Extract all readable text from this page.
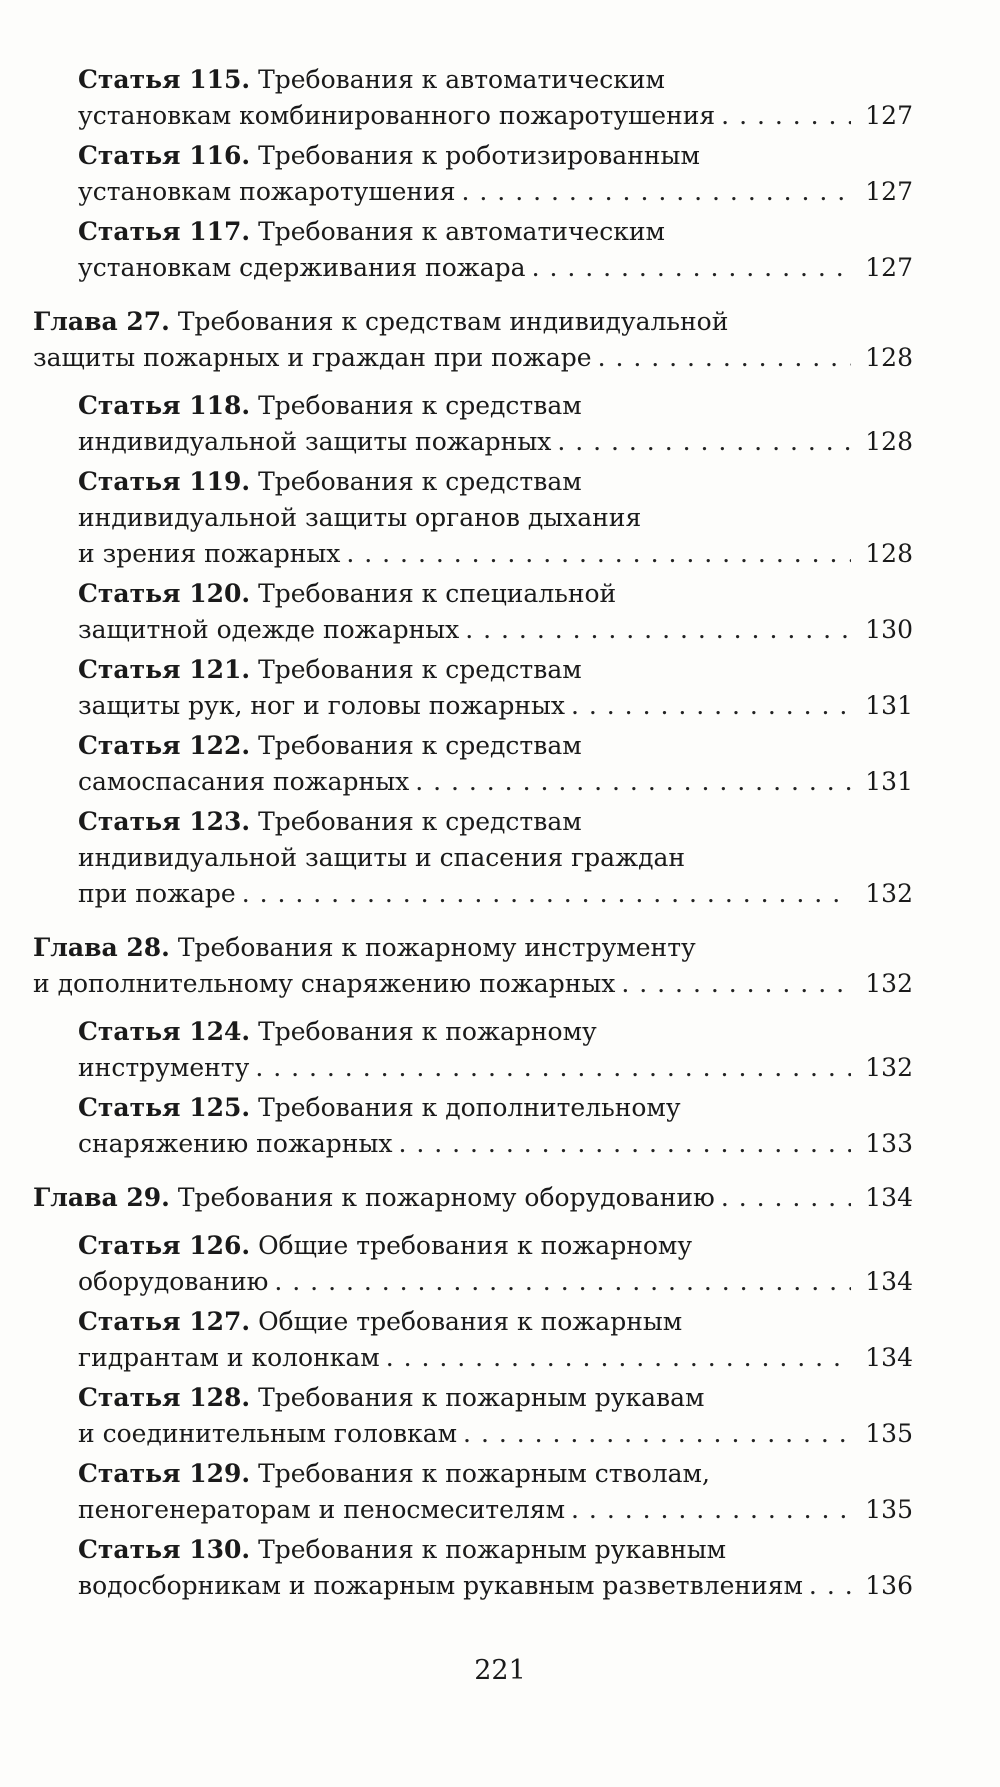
Статья 115. Требования к автоматическим
установкам комбинированного пожаротушения . . .	127
Статья 116. Требования к роботизированным
установкам пожаротушения . . .	127
Статья 117. Требования к автоматическим
установкам сдерживания пожара . . .	127
Глава 27. Требования к средствам индивидуальной
защиты пожарных и граждан при пожаре . . .	128
Статья 118. Требования к средствам
индивидуальной защиты пожарных . . .	128
Статья 119. Требования к средствам
индивидуальной защиты органов дыхания
и зрения пожарных . . .	128
Статья 120. Требования к специальной
защитной одежде пожарных . . .	130
Статья 121. Требования к средствам
защиты рук, ног и головы пожарных . . .	131
Статья 122. Требования к средствам
самоспасания пожарных . . .	131
Статья 123. Требования к средствам
индивидуальной защиты и спасения граждан
при пожаре . . .	132
Глава 28. Требования к пожарному инструменту
и дополнительному снаряжению пожарных . . .	132
Статья 124. Требования к пожарному
инструменту . . .	132
Статья 125. Требования к дополнительному
снаряжению пожарных . . .	133
Глава 29. Требования к пожарному оборудованию . . .	134
Статья 126. Общие требования к пожарному
оборудованию . . .	134
Статья 127. Общие требования к пожарным
гидрантам и колонкам . . .	134
Статья 128. Требования к пожарным рукавам
и соединительным головкам . . .	135
Статья 129. Требования к пожарным стволам,
пеногенераторам и пеносмесителям . . .	135
Статья 130. Требования к пожарным рукавным
водосборникам и пожарным рукавным разветвлениям . . .	136
221
